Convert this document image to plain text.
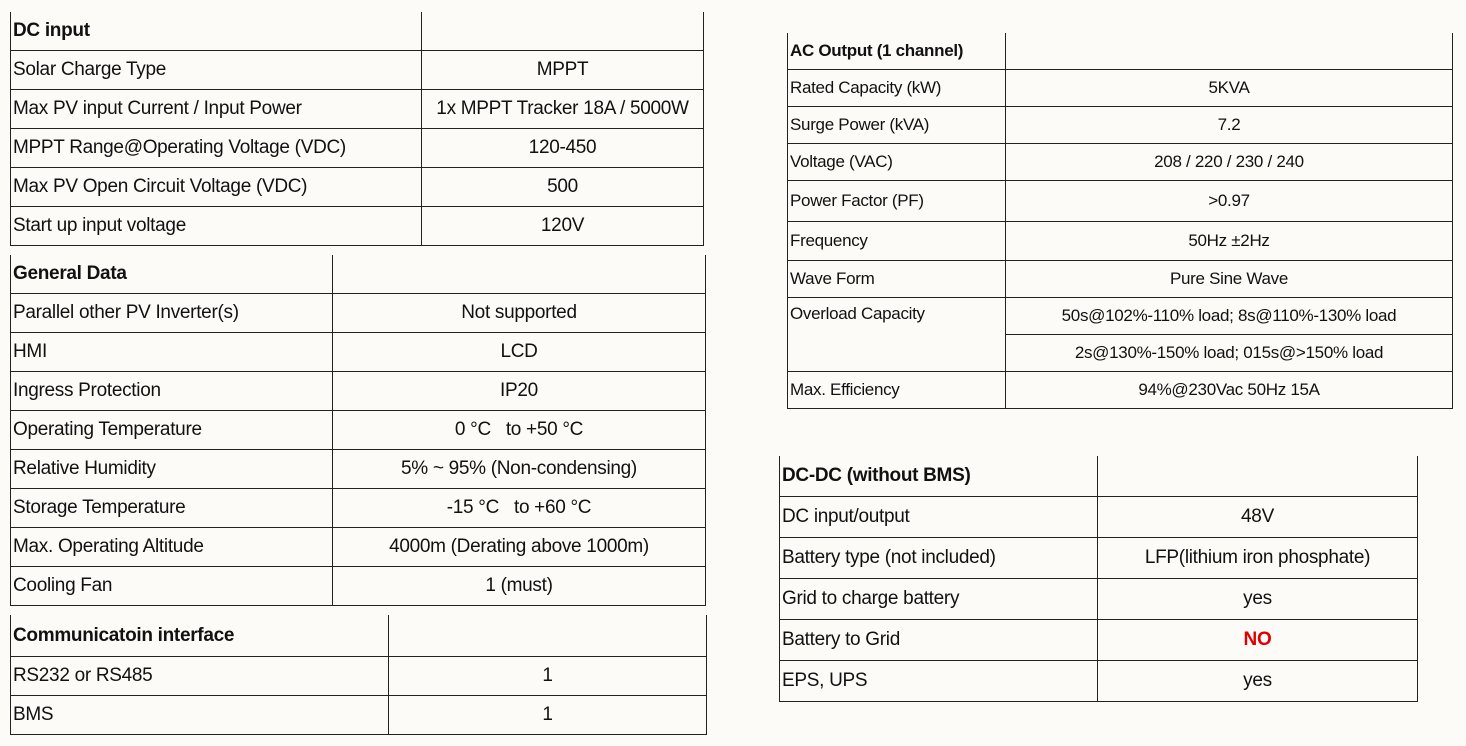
DC input	
Solar Charge Type	MPPT
Max PV input Current / Input Power	1x MPPT Tracker 18A / 5000W
MPPT Range@Operating Voltage (VDC)	120-450
Max PV Open Circuit Voltage (VDC)	500
Start up input voltage	120V
General Data	
Parallel other PV Inverter(s)	Not supported
HMI	LCD
Ingress Protection	IP20
Operating Temperature	0 °C   to +50 °C
Relative Humidity	5% ~ 95% (Non-condensing)
Storage Temperature	-15 °C   to +60 °C
Max. Operating Altitude	4000m (Derating above 1000m)
Cooling Fan	1 (must)
Communicatoin interface	
RS232 or RS485	1
BMS	1
AC Output (1 channel)	
Rated Capacity (kW)	5KVA
Surge Power (kVA)	7.2
Voltage (VAC)	208 / 220 / 230 / 240
Power Factor (PF)	>0.97
Frequency	50Hz ±2Hz
Wave Form	Pure Sine Wave
Overload Capacity	50s@102%-110% load; 8s@110%-130% load
	2s@130%-150% load; 015s@>150% load
Max. Efficiency	94%@230Vac 50Hz 15A
DC-DC (without BMS)	
DC input/output	48V
Battery type (not included)	LFP(lithium iron phosphate)
Grid to charge battery	yes
Battery to Grid	NO
EPS, UPS	yes
